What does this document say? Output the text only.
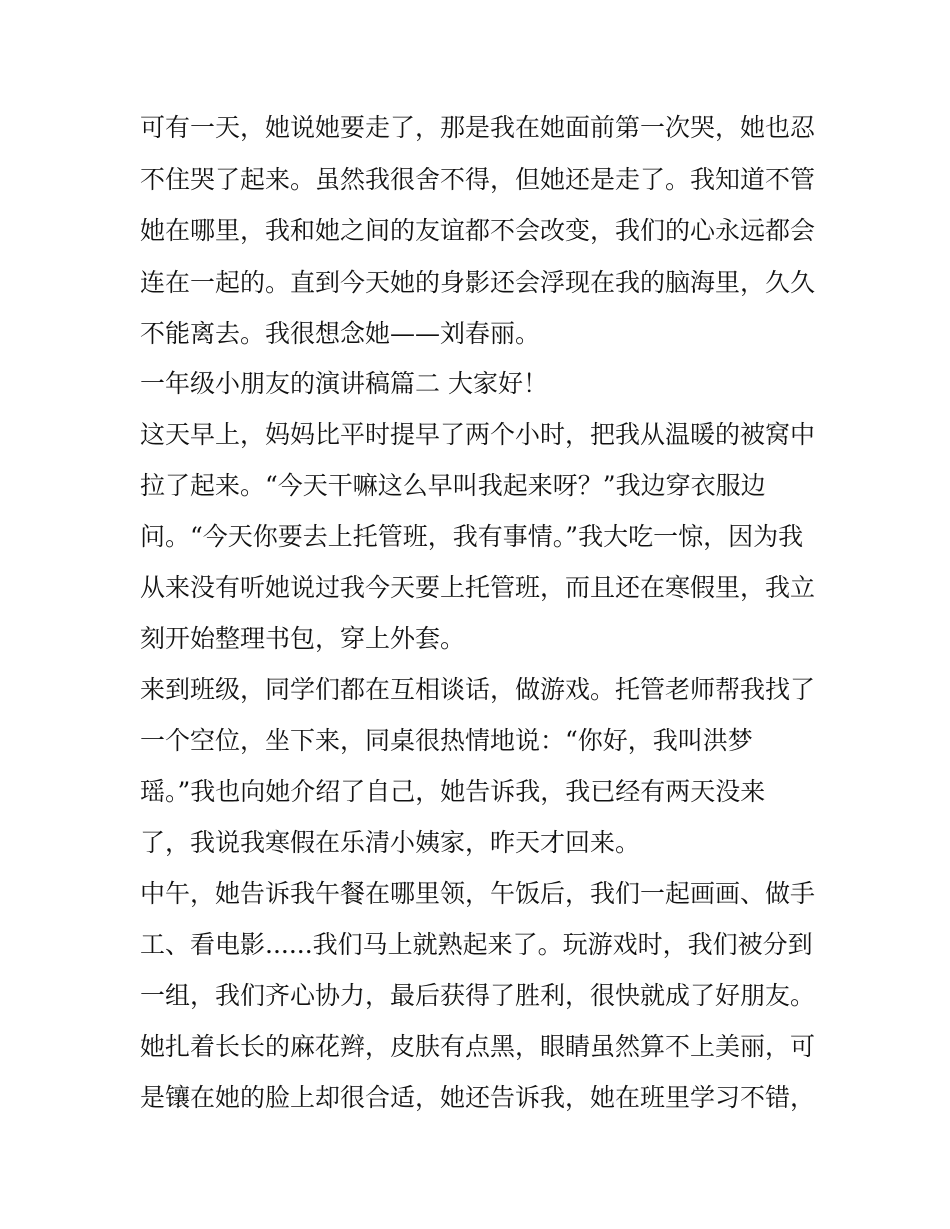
可有一天，她说她要走了，那是我在她面前第一次哭，她也忍

不住哭了起来。虽然我很舍不得，但她还是走了。我知道不管

她在哪里，我和她之间的友谊都不会改变，我们的心永远都会

连在一起的。直到今天她的身影还会浮现在我的脑海里，久久

不能离去。我很想念她——刘春丽。

一年级小朋友的演讲稿篇二 大家好！

这天早上，妈妈比平时提早了两个小时，把我从温暖的被窝中

拉了起来。“今天干嘛这么早叫我起来呀？”我边穿衣服边

问。“今天你要去上托管班，我有事情。”我大吃一惊，因为我

从来没有听她说过我今天要上托管班，而且还在寒假里，我立

刻开始整理书包，穿上外套。

来到班级，同学们都在互相谈话，做游戏。托管老师帮我找了

一个空位，坐下来，同桌很热情地说：“你好，我叫洪梦

瑶。”我也向她介绍了自己，她告诉我，我已经有两天没来

了，我说我寒假在乐清小姨家，昨天才回来。

中午，她告诉我午餐在哪里领，午饭后，我们一起画画、做手

工、看电影......我们马上就熟起来了。玩游戏时，我们被分到

一组，我们齐心协力，最后获得了胜利，很快就成了好朋友。

她扎着长长的麻花辫，皮肤有点黑，眼睛虽然算不上美丽，可

是镶在她的脸上却很合适，她还告诉我，她在班里学习不错，
